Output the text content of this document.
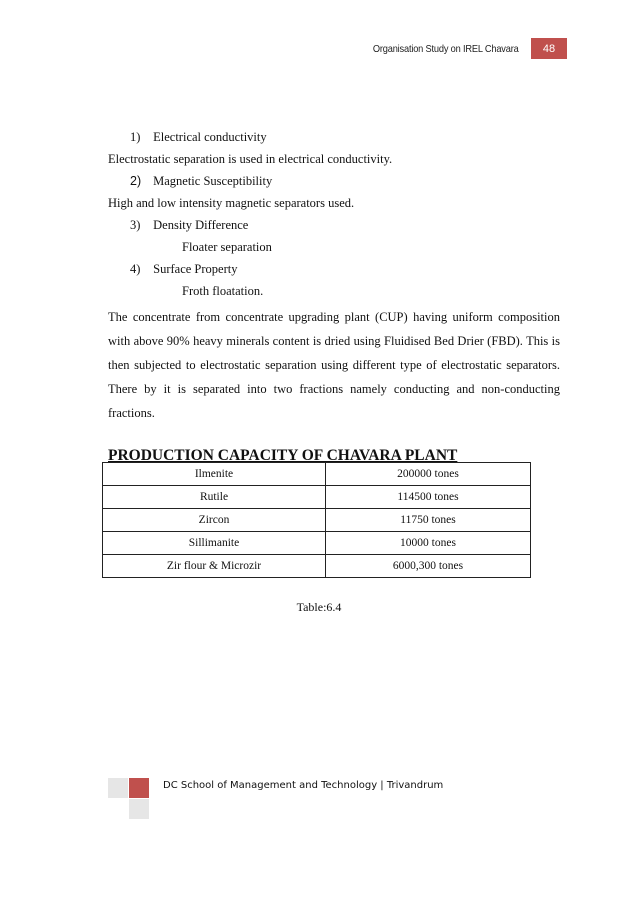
Organisation Study on IREL Chavara	48
1) Electrical conductivity
Electrostatic separation is used in electrical conductivity.
2) Magnetic Susceptibility
High and low intensity magnetic separators used.
3) Density Difference
Floater separation
4) Surface Property
Froth floatation.
The concentrate from concentrate upgrading plant (CUP) having uniform composition with above 90% heavy minerals content is dried using Fluidised Bed Drier (FBD). This is then subjected to electrostatic separation using different type of electrostatic separators. There by it is separated into two fractions namely conducting and non-conducting fractions.
PRODUCTION CAPACITY OF CHAVARA PLANT
Ilmenite	200000 tones
Rutile	114500 tones
Zircon	11750 tones
Sillimanite	10000 tones
Zir flour & Microzir	6000,300 tones
Table:6.4
DC School of Management and Technology | Trivandrum
